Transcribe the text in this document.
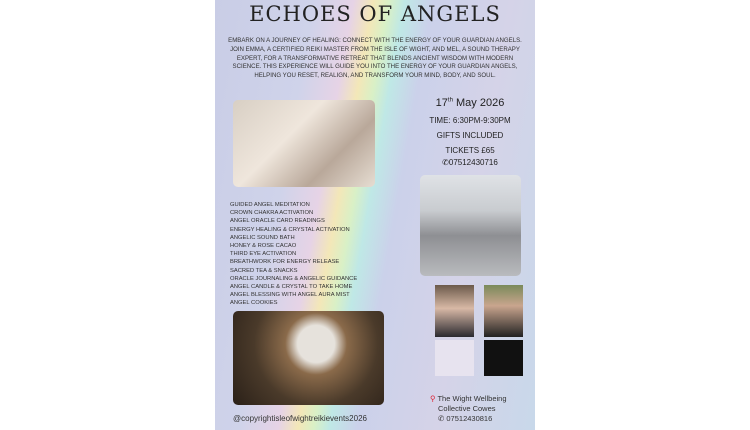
ECHOES OF ANGELS
EMBARK ON A JOURNEY OF HEALING: CONNECT WITH THE ENERGY OF YOUR GUARDIAN ANGELS. JOIN EMMA, A CERTIFIED REIKI MASTER FROM THE ISLE OF WIGHT, AND MEL, A SOUND THERAPY EXPERT, FOR A TRANSFORMATIVE RETREAT THAT BLENDS ANCIENT WISDOM WITH MODERN SCIENCE. THIS EXPERIENCE WILL GUIDE YOU INTO THE ENERGY OF YOUR GUARDIAN ANGELS, HELPING YOU RESET, REALIGN, AND TRANSFORM YOUR MIND, BODY, AND SOUL.
17th May 2026
TIME: 6:30PM-9:30PM
GIFTS INCLUDED
TICKETS £65
✆07512430716
GUIDED ANGEL MEDITATION
CROWN CHAKRA ACTIVATION
ANGEL ORACLE CARD READINGS
ENERGY HEALING & CRYSTAL ACTIVATION
ANGELIC SOUND BATH
HONEY & ROSE CACAO
THIRD EYE ACTIVATION
BREATHWORK FOR ENERGY RELEASE
SACRED TEA & SNACKS
ORACLE JOURNALING & ANGELIC GUIDANCE
ANGEL CANDLE & CRYSTAL TO TAKE HOME
ANGEL BLESSING WITH ANGEL AURA MIST
ANGEL COOKIES
@copyrightisleofwightreikievents2026
⚲ The Wight Wellbeing
Collective Cowes
✆ 07512430816
